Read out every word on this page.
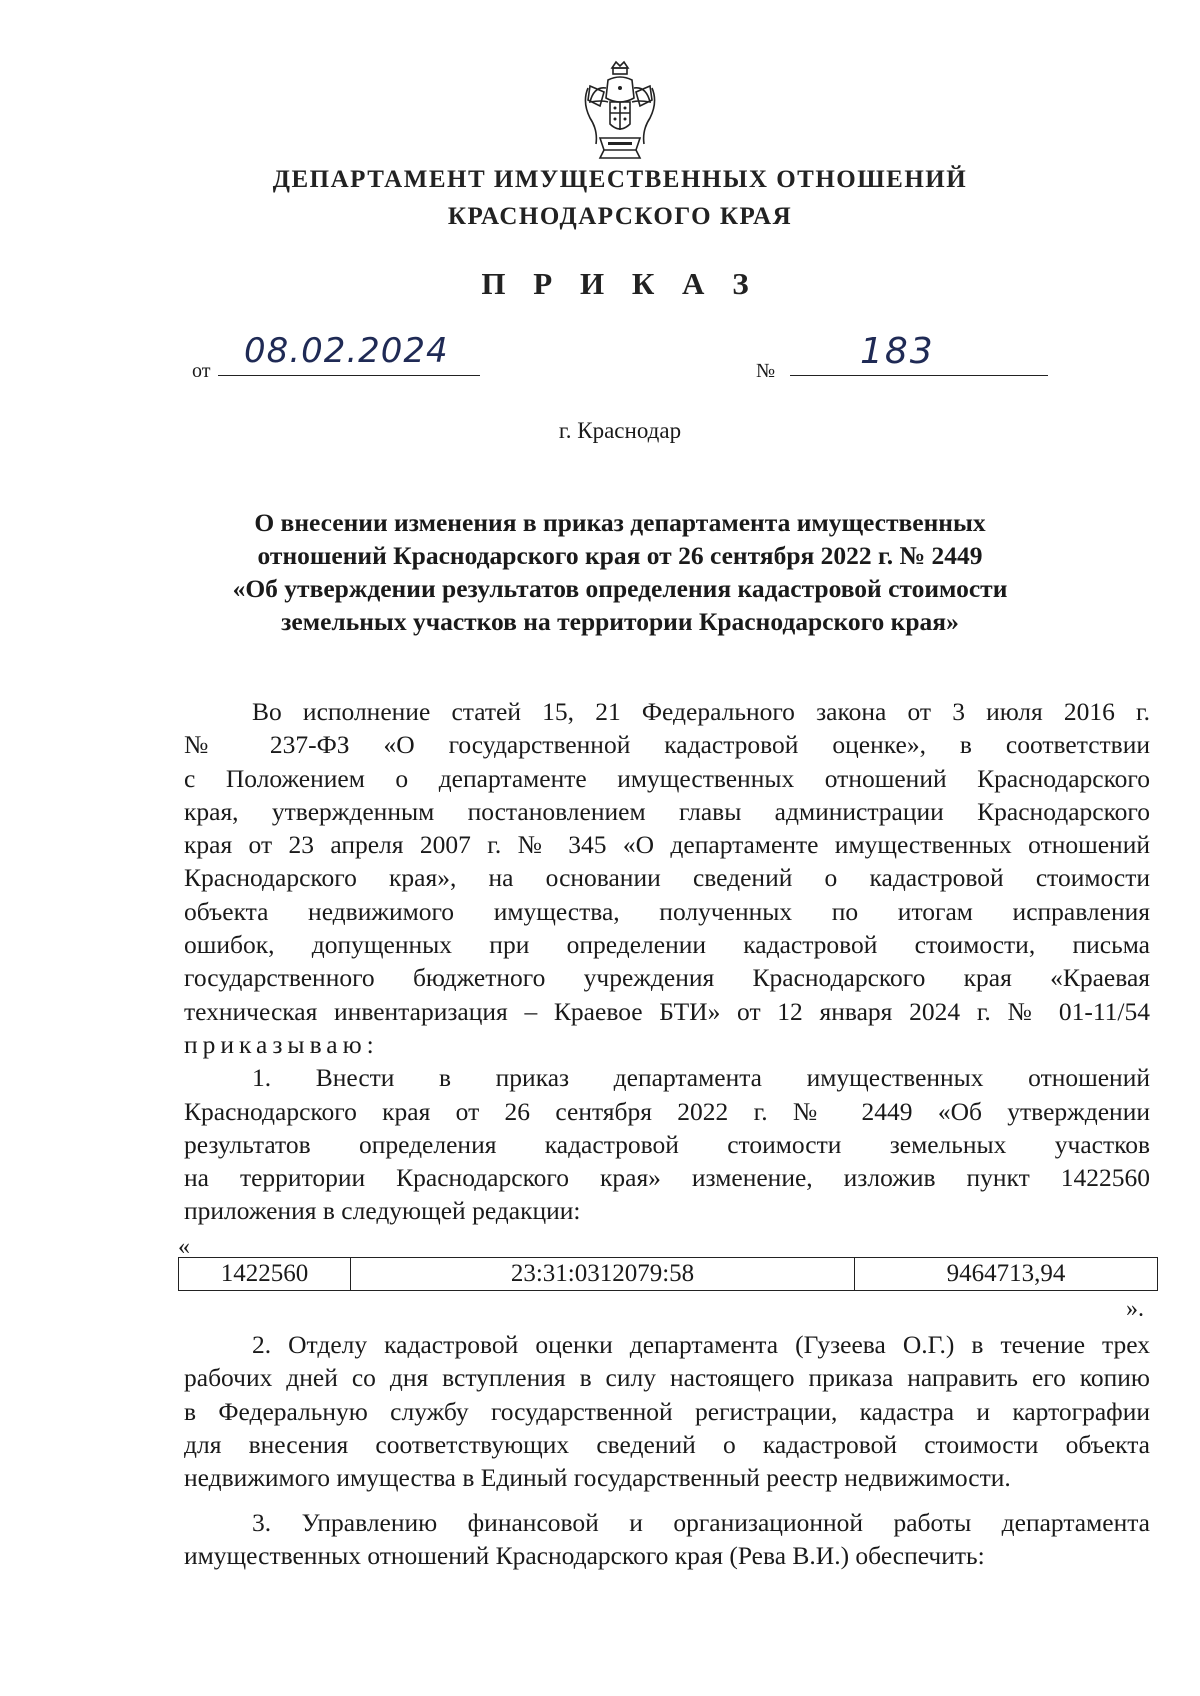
ДЕПАРТАМЕНТ ИМУЩЕСТВЕННЫХ ОТНОШЕНИЙ
КРАСНОДАРСКОГО КРАЯ
П Р И К А З
от 08.02.2024	№ 183
г. Краснодар
О внесении изменения в приказ департамента имущественных
отношений Краснодарского края от 26 сентября 2022 г. № 2449
«Об утверждении результатов определения кадастровой стоимости
земельных участков на территории Краснодарского края»
Во исполнение статей 15, 21 Федерального закона от 3 июля 2016 г.
№ 237-ФЗ «О государственной кадастровой оценке», в соответствии
с Положением о департаменте имущественных отношений Краснодарского
края, утвержденным постановлением главы администрации Краснодарского
края от 23 апреля 2007 г. № 345 «О департаменте имущественных отношений
Краснодарского края», на основании сведений о кадастровой стоимости
объекта недвижимого имущества, полученных по итогам исправления
ошибок, допущенных при определении кадастровой стоимости, письма
государственного бюджетного учреждения Краснодарского края «Краевая
техническая инвентаризация – Краевое БТИ» от 12 января 2024 г. № 01-11/54
приказываю:
1. Внести в приказ департамента имущественных отношений
Краснодарского края от 26 сентября 2022 г. № 2449 «Об утверждении
результатов определения кадастровой стоимости земельных участков
на территории Краснодарского края» изменение, изложив пункт 1422560
приложения в следующей редакции:
«
1422560	23:31:0312079:58	9464713,94
».
2. Отделу кадастровой оценки департамента (Гузеева О.Г.) в течение трех
рабочих дней со дня вступления в силу настоящего приказа направить его копию
в Федеральную службу государственной регистрации, кадастра и картографии
для внесения соответствующих сведений о кадастровой стоимости объекта
недвижимого имущества в Единый государственный реестр недвижимости.
3. Управлению финансовой и организационной работы департамента
имущественных отношений Краснодарского края (Рева В.И.) обеспечить:
